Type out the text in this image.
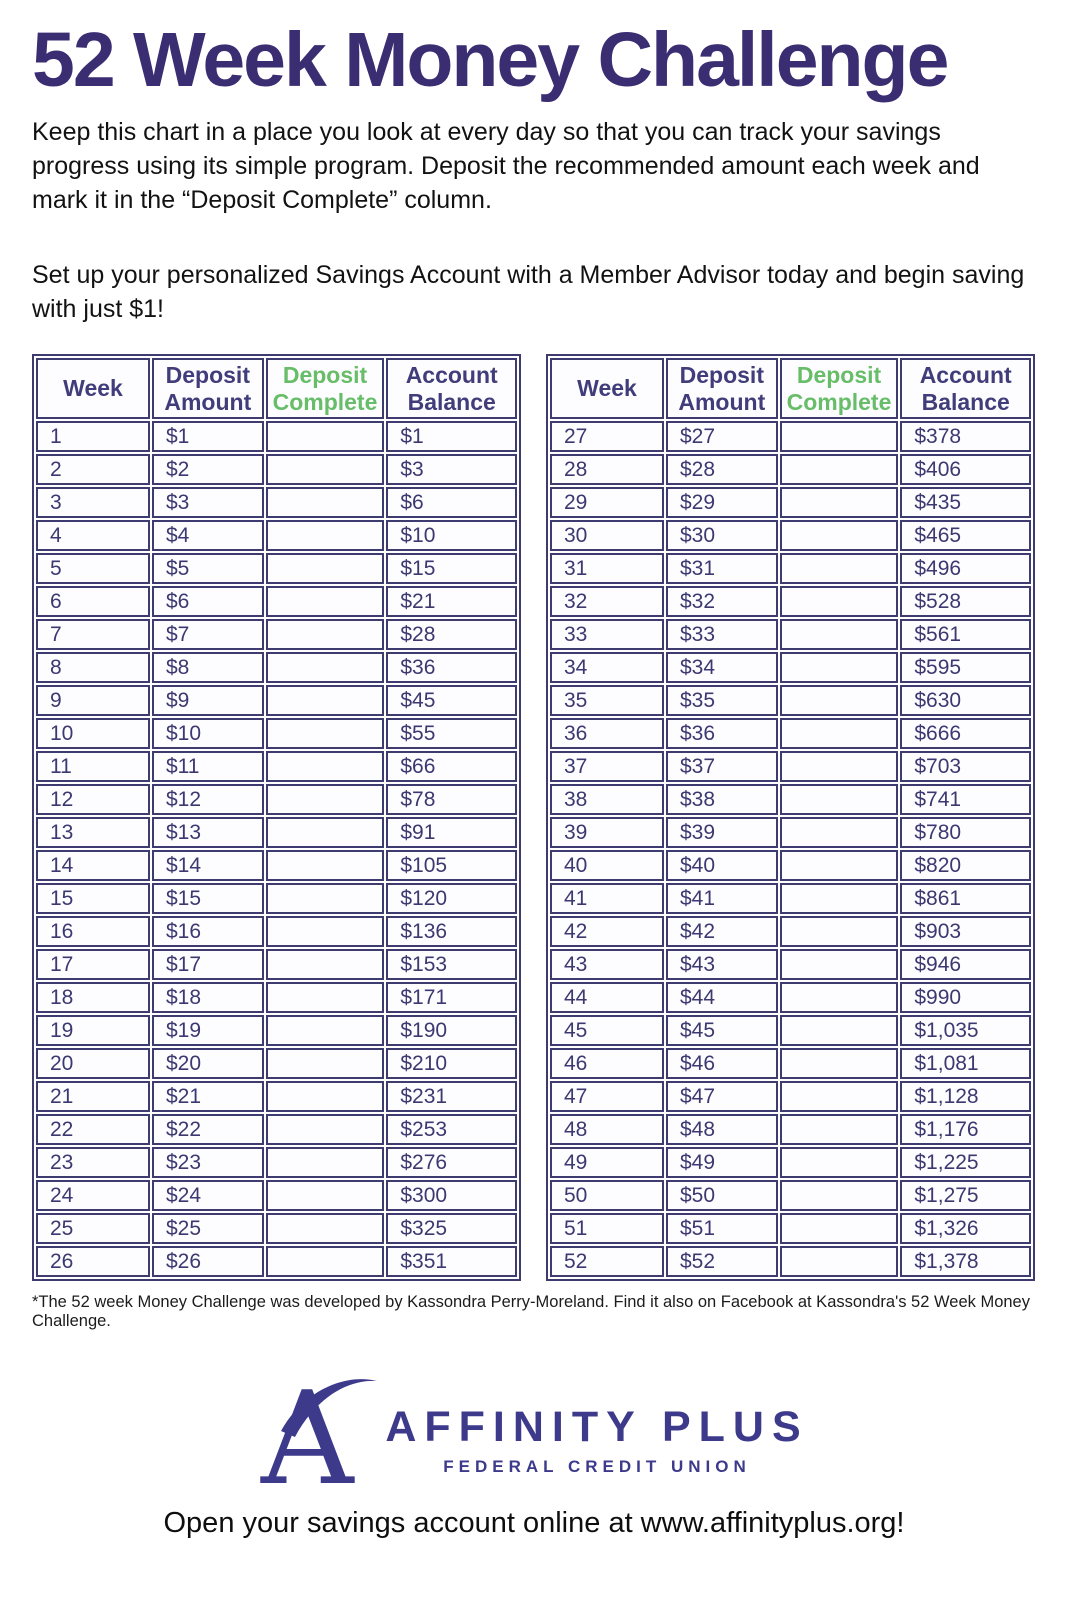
52 Week Money Challenge

Keep this chart in a place you look at every day so that you can track your savings progress using its simple program. Deposit the recommended amount each week and mark it in the “Deposit Complete” column.

Set up your personalized Savings Account with a Member Advisor today and begin saving with just $1!

Week	Deposit Amount	Deposit Complete	Account Balance
1	$1		$1
2	$2		$3
3	$3		$6
4	$4		$10
5	$5		$15
6	$6		$21
7	$7		$28
8	$8		$36
9	$9		$45
10	$10		$55
11	$11		$66
12	$12		$78
13	$13		$91
14	$14		$105
15	$15		$120
16	$16		$136
17	$17		$153
18	$18		$171
19	$19		$190
20	$20		$210
21	$21		$231
22	$22		$253
23	$23		$276
24	$24		$300
25	$25		$325
26	$26		$351
Week	Deposit Amount	Deposit Complete	Account Balance
27	$27		$378
28	$28		$406
29	$29		$435
30	$30		$465
31	$31		$496
32	$32		$528
33	$33		$561
34	$34		$595
35	$35		$630
36	$36		$666
37	$37		$703
38	$38		$741
39	$39		$780
40	$40		$820
41	$41		$861
42	$42		$903
43	$43		$946
44	$44		$990
45	$45		$1,035
46	$46		$1,081
47	$47		$1,128
48	$48		$1,176
49	$49		$1,225
50	$50		$1,275
51	$51		$1,326
52	$52		$1,378
*The 52 week Money Challenge was developed by Kassondra Perry-Moreland. Find it also on Facebook at Kassondra's 52 Week Money Challenge.
A AFFINITY PLUS
FEDERAL CREDIT UNION
Open your savings account online at www.affinityplus.org!
